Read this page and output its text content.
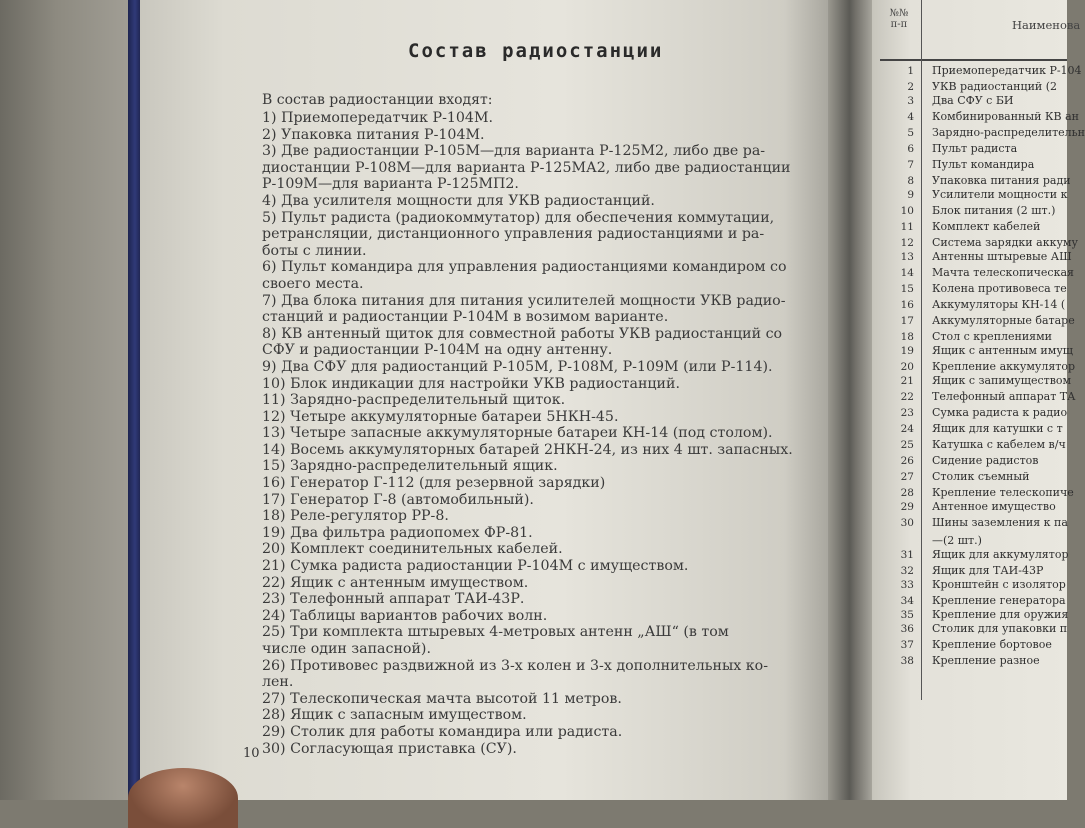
Состав радиостанции

В состав радиостанции входят:

1) Приемопередатчик Р-104М.
2) Упаковка питания Р-104М.
3) Две радиостанции Р-105М—для варианта Р-125М2, либо две ра-
диостанции Р-108М—для варианта Р-125МА2, либо две радиостанции
Р-109М—для варианта Р-125МП2.
4) Два усилителя мощности для УКВ радиостанций.
5) Пульт радиста (радиокоммутатор) для обеспечения коммутации,
ретрансляции, дистанционного управления радиостанциями и ра-
боты с линии.
6) Пульт командира для управления радиостанциями командиром со
своего места.
7) Два блока питания для питания усилителей мощности УКВ радио-
станций и радиостанции Р-104М в возимом варианте.
8) КВ антенный щиток для совместной работы УКВ радиостанций со
СФУ и радиостанции Р-104М на одну антенну.
9) Два СФУ для радиостанций Р-105М, Р-108М, Р-109М (или Р-114).
10) Блок индикации для настройки УКВ радиостанций.
11) Зарядно-распределительный щиток.
12) Четыре аккумуляторные батареи 5НКН-45.
13) Четыре запасные аккумуляторные батареи КН-14 (под столом).
14) Восемь аккумуляторных батарей 2НКН-24, из них 4 шт. запасных.
15) Зарядно-распределительный ящик.
16) Генератор Г-112 (для резервной зарядки)
17) Генератор Г-8 (автомобильный).
18) Реле-регулятор РР-8.
19) Два фильтра радиопомех ФР-81.
20) Комплект соединительных кабелей.
21) Сумка радиста радиостанции Р-104М с имуществом.
22) Ящик с антенным имуществом.
23) Телефонный аппарат ТАИ-43Р.
24) Таблицы вариантов рабочих волн.
25) Три комплекта штыревых 4-метровых антенн „АШ“ (в том
числе один запасной).
26) Противовес раздвижной из 3-х колен и 3-х дополнительных ко-
лен.
27) Телескопическая мачта высотой 11 метров.
28) Ящик с запасным имуществом.
29) Столик для работы командира или радиста.
30) Согласующая приставка (СУ).
10
№№ п-п	Наименова
1 Приемопередатчик Р-104
2 УКВ радиостанций (2
3 Два СФУ с БИ
4 Комбинированный КВ ан
5 Зарядно-распределительн
6 Пульт радиста
7 Пульт командира
8 Упаковка питания ради
9 Усилители мощности к
10 Блок питания (2 шт.)
11 Комплект кабелей
12 Система зарядки аккуму
13 Антенны штыревые АШ
14 Мачта телескопическая
15 Колена противовеса те
16 Аккумуляторы КН-14 (
17 Аккумуляторные батаре
18 Стол с креплениями
19 Ящик с антенным имущ
20 Крепление аккумулятор
21 Ящик с запимуществом
22 Телефонный аппарат ТА
23 Сумка радиста к радио
24 Ящик для катушки с т
25 Катушка с кабелем в/ч
26 Сидение радистов
27 Столик съемный
28 Крепление телескопиче
29 Антенное имущество
30 Шины заземления к па
—(2 шт.)
31 Ящик для аккумулятор
32 Ящик для ТАИ-43Р
33 Кронштейн с изолятор
34 Крепление генератора
35 Крепление для оружия
36 Столик для упаковки п
37 Крепление бортовое
38 Крепление разное
